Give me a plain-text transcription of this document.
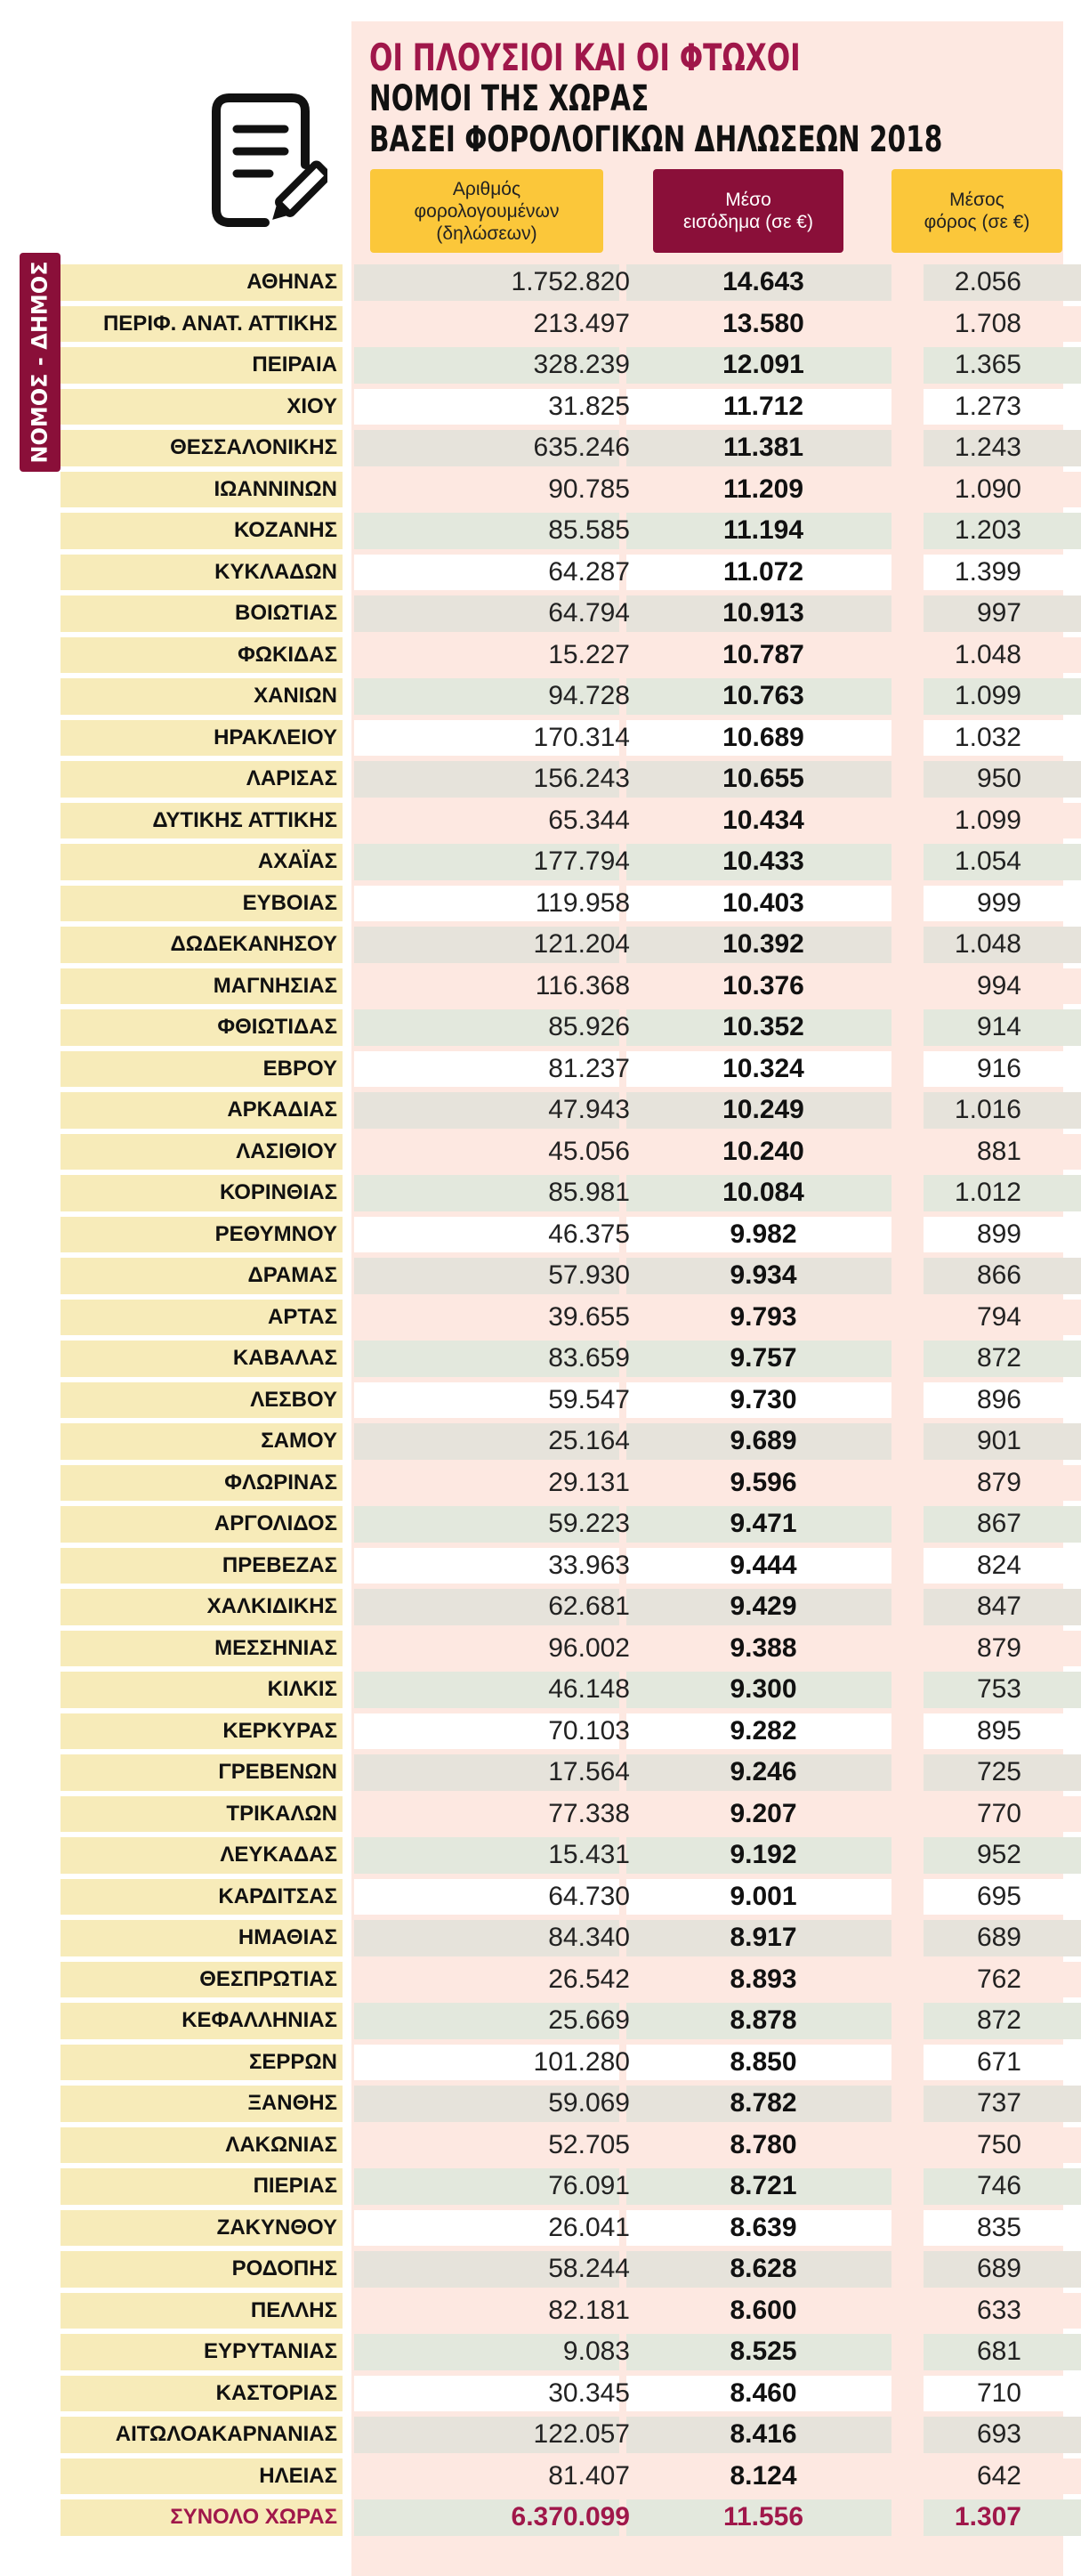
ΟΙ ΠΛΟΥΣΙΟΙ ΚΑΙ ΟΙ ΦΤΩΧΟΙ
ΝΟΜΟΙ ΤΗΣ ΧΩΡΑΣ
ΒΑΣΕΙ ΦΟΡΟΛΟΓΙΚΩΝ ΔΗΛΩΣΕΩΝ 2018
Αριθμός
φορολογουμένων
(δηλώσεων)
Μέσο
εισόδημα (σε €)
Μέσος
φόρος (σε €)
ΝΟΜΟΣ - ΔΗΜΟΣ	ΑΘΗΝΑΣ	1.752.820	14.643	2.056
ΠΕΡΙΦ. ΑΝΑΤ. ΑΤΤΙΚΗΣ	213.497	13.580	1.708
ΠΕΙΡΑΙΑ	328.239	12.091	1.365
ΧΙΟΥ	31.825	11.712	1.273
ΘΕΣΣΑΛΟΝΙΚΗΣ	635.246	11.381	1.243
ΙΩΑΝΝΙΝΩΝ	90.785	11.209	1.090
ΚΟΖΑΝΗΣ	85.585	11.194	1.203
ΚΥΚΛΑΔΩΝ	64.287	11.072	1.399
ΒΟΙΩΤΙΑΣ	64.794	10.913	997
ΦΩΚΙΔΑΣ	15.227	10.787	1.048
ΧΑΝΙΩΝ	94.728	10.763	1.099
ΗΡΑΚΛΕΙΟΥ	170.314	10.689	1.032
ΛΑΡΙΣΑΣ	156.243	10.655	950
ΔΥΤΙΚΗΣ ΑΤΤΙΚΗΣ	65.344	10.434	1.099
ΑΧΑΪΑΣ	177.794	10.433	1.054
ΕΥΒΟΙΑΣ	119.958	10.403	999
ΔΩΔΕΚΑΝΗΣΟΥ	121.204	10.392	1.048
ΜΑΓΝΗΣΙΑΣ	116.368	10.376	994
ΦΘΙΩΤΙΔΑΣ	85.926	10.352	914
ΕΒΡΟΥ	81.237	10.324	916
ΑΡΚΑΔΙΑΣ	47.943	10.249	1.016
ΛΑΣΙΘΙΟΥ	45.056	10.240	881
ΚΟΡΙΝΘΙΑΣ	85.981	10.084	1.012
ΡΕΘΥΜΝΟΥ	46.375	9.982	899
ΔΡΑΜΑΣ	57.930	9.934	866
ΑΡΤΑΣ	39.655	9.793	794
ΚΑΒΑΛΑΣ	83.659	9.757	872
ΛΕΣΒΟΥ	59.547	9.730	896
ΣΑΜΟΥ	25.164	9.689	901
ΦΛΩΡΙΝΑΣ	29.131	9.596	879
ΑΡΓΟΛΙΔΟΣ	59.223	9.471	867
ΠΡΕΒΕΖΑΣ	33.963	9.444	824
ΧΑΛΚΙΔΙΚΗΣ	62.681	9.429	847
ΜΕΣΣΗΝΙΑΣ	96.002	9.388	879
ΚΙΛΚΙΣ	46.148	9.300	753
ΚΕΡΚΥΡΑΣ	70.103	9.282	895
ΓΡΕΒΕΝΩΝ	17.564	9.246	725
ΤΡΙΚΑΛΩΝ	77.338	9.207	770
ΛΕΥΚΑΔΑΣ	15.431	9.192	952
ΚΑΡΔΙΤΣΑΣ	64.730	9.001	695
ΗΜΑΘΙΑΣ	84.340	8.917	689
ΘΕΣΠΡΩΤΙΑΣ	26.542	8.893	762
ΚΕΦΑΛΛΗΝΙΑΣ	25.669	8.878	872
ΣΕΡΡΩΝ	101.280	8.850	671
ΞΑΝΘΗΣ	59.069	8.782	737
ΛΑΚΩΝΙΑΣ	52.705	8.780	750
ΠΙΕΡΙΑΣ	76.091	8.721	746
ΖΑΚΥΝΘΟΥ	26.041	8.639	835
ΡΟΔΟΠΗΣ	58.244	8.628	689
ΠΕΛΛΗΣ	82.181	8.600	633
ΕΥΡΥΤΑΝΙΑΣ	9.083	8.525	681
ΚΑΣΤΟΡΙΑΣ	30.345	8.460	710
ΑΙΤΩΛΟΑΚΑΡΝΑΝΙΑΣ	122.057	8.416	693
ΗΛΕΙΑΣ	81.407	8.124	642
ΣΥΝΟΛΟ ΧΩΡΑΣ	6.370.099	11.556	1.307
